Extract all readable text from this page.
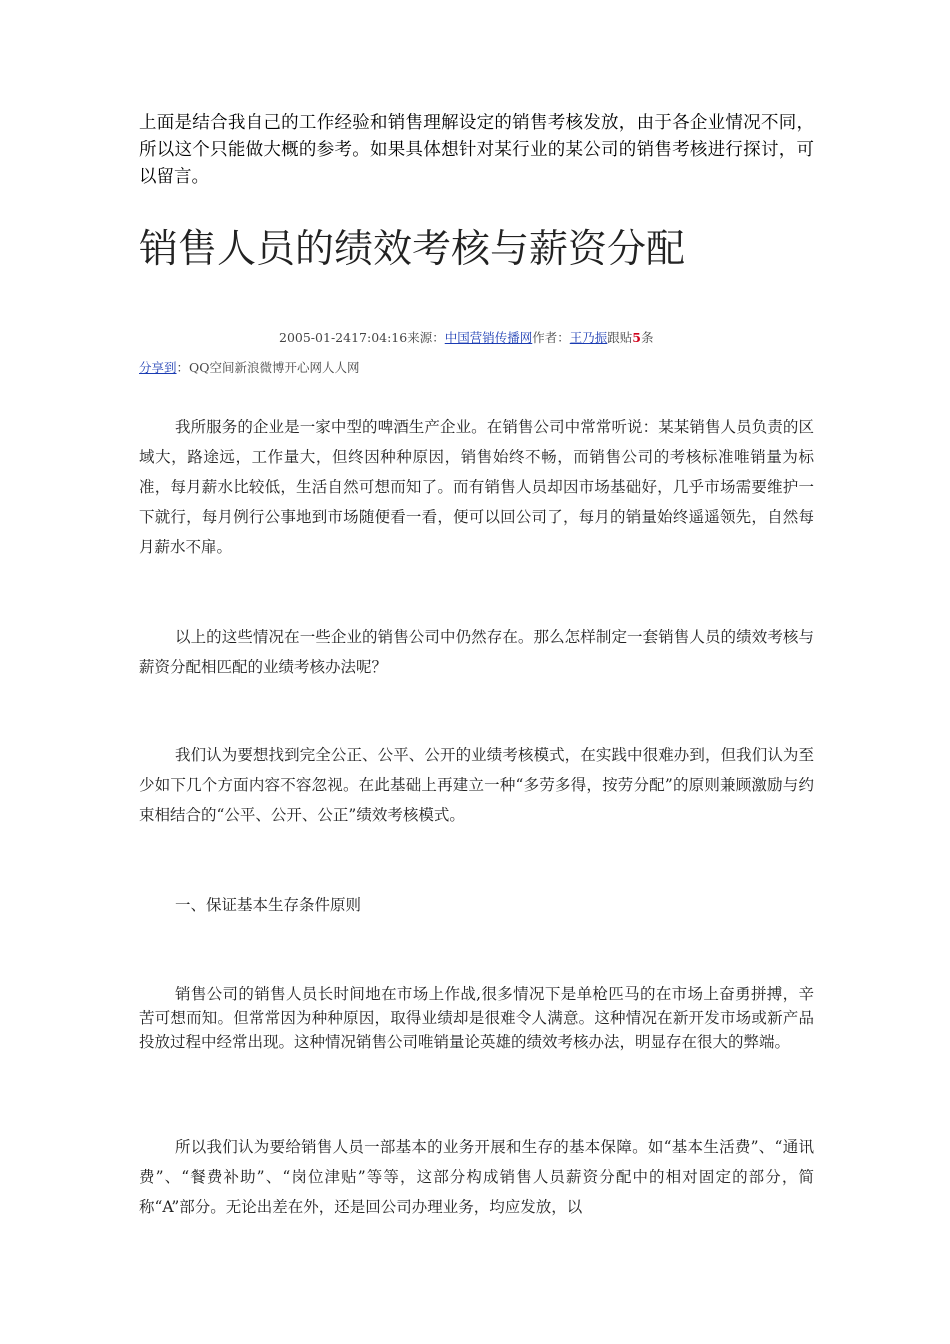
上面是结合我自己的工作经验和销售理解设定的销售考核发放，由于各企业情况不同，所以这个只能做大概的参考。如果具体想针对某行业的某公司的销售考核进行探讨，可以留言。

销售人员的绩效考核与薪资分配
2005-01-2417:04:16来源：中国营销传播网作者：王乃振跟贴5条
分享到：QQ空间新浪微博开心网人人网

我所服务的企业是一家中型的啤酒生产企业。在销售公司中常常听说：某某销售人员负责的区域大，路途远，工作量大，但终因种种原因，销售始终不畅，而销售公司的考核标准唯销量为标准，每月薪水比较低，生活自然可想而知了。而有销售人员却因市场基础好，几乎市场需要维护一下就行，每月例行公事地到市场随便看一看，便可以回公司了，每月的销量始终遥遥领先，自然每月薪水不扉。

以上的这些情况在一些企业的销售公司中仍然存在。那么怎样制定一套销售人员的绩效考核与薪资分配相匹配的业绩考核办法呢？

我们认为要想找到完全公正、公平、公开的业绩考核模式，在实践中很难办到，但我们认为至少如下几个方面内容不容忽视。在此基础上再建立一种“多劳多得，按劳分配”的原则兼顾激励与约束相结合的“公平、公开、公正”绩效考核模式。

一、保证基本生存条件原则

销售公司的销售人员长时间地在市场上作战,很多情况下是单枪匹马的在市场上奋勇拼搏，辛苦可想而知。但常常因为种种原因，取得业绩却是很难令人满意。这种情况在新开发市场或新产品投放过程中经常出现。这种情况销售公司唯销量论英雄的绩效考核办法，明显存在很大的弊端。

所以我们认为要给销售人员一部基本的业务开展和生存的基本保障。如“基本生活费”、“通讯费”、“餐费补助”、“岗位津贴”等等，这部分构成销售人员薪资分配中的相对固定的部分，简称“A”部分。无论出差在外，还是回公司办理业务，均应发放，以
